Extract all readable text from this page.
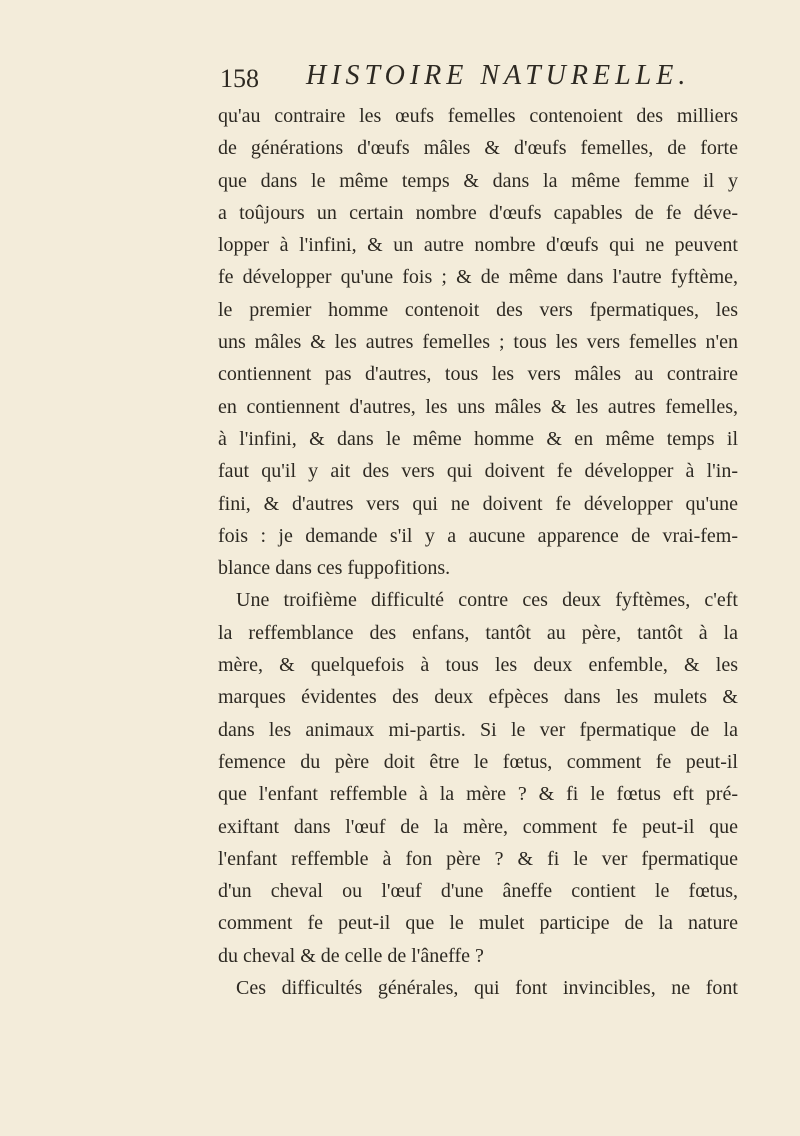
158 HISTOIRE NATURELLE.
qu'au contraire les œufs femelles contenoient des milliers
de générations d'œufs mâles & d'œufs femelles, de forte
que dans le même temps & dans la même femme il y
a toûjours un certain nombre d'œufs capables de fe déve-
lopper à l'infini, & un autre nombre d'œufs qui ne peuvent
fe développer qu'une fois ; & de même dans l'autre fyftème,
le premier homme contenoit des vers fpermatiques, les
uns mâles & les autres femelles ; tous les vers femelles n'en
contiennent pas d'autres, tous les vers mâles au contraire
en contiennent d'autres, les uns mâles & les autres femelles,
à l'infini, & dans le même homme & en même temps il
faut qu'il y ait des vers qui doivent fe développer à l'in-
fini, & d'autres vers qui ne doivent fe développer qu'une
fois : je demande s'il y a aucune apparence de vrai-fem-
blance dans ces fuppofitions.
Une troifième difficulté contre ces deux fyftèmes, c'eft
la reffemblance des enfans, tantôt au père, tantôt à la
mère, & quelquefois à tous les deux enfemble, & les
marques évidentes des deux efpèces dans les mulets &
dans les animaux mi-partis. Si le ver fpermatique de la
femence du père doit être le fœtus, comment fe peut-il
que l'enfant reffemble à la mère ? & fi le fœtus eft pré-
exiftant dans l'œuf de la mère, comment fe peut-il que
l'enfant reffemble à fon père ? & fi le ver fpermatique
d'un cheval ou l'œuf d'une âneffe contient le fœtus,
comment fe peut-il que le mulet participe de la nature
du cheval & de celle de l'âneffe ?
Ces difficultés générales, qui font invincibles, ne font
